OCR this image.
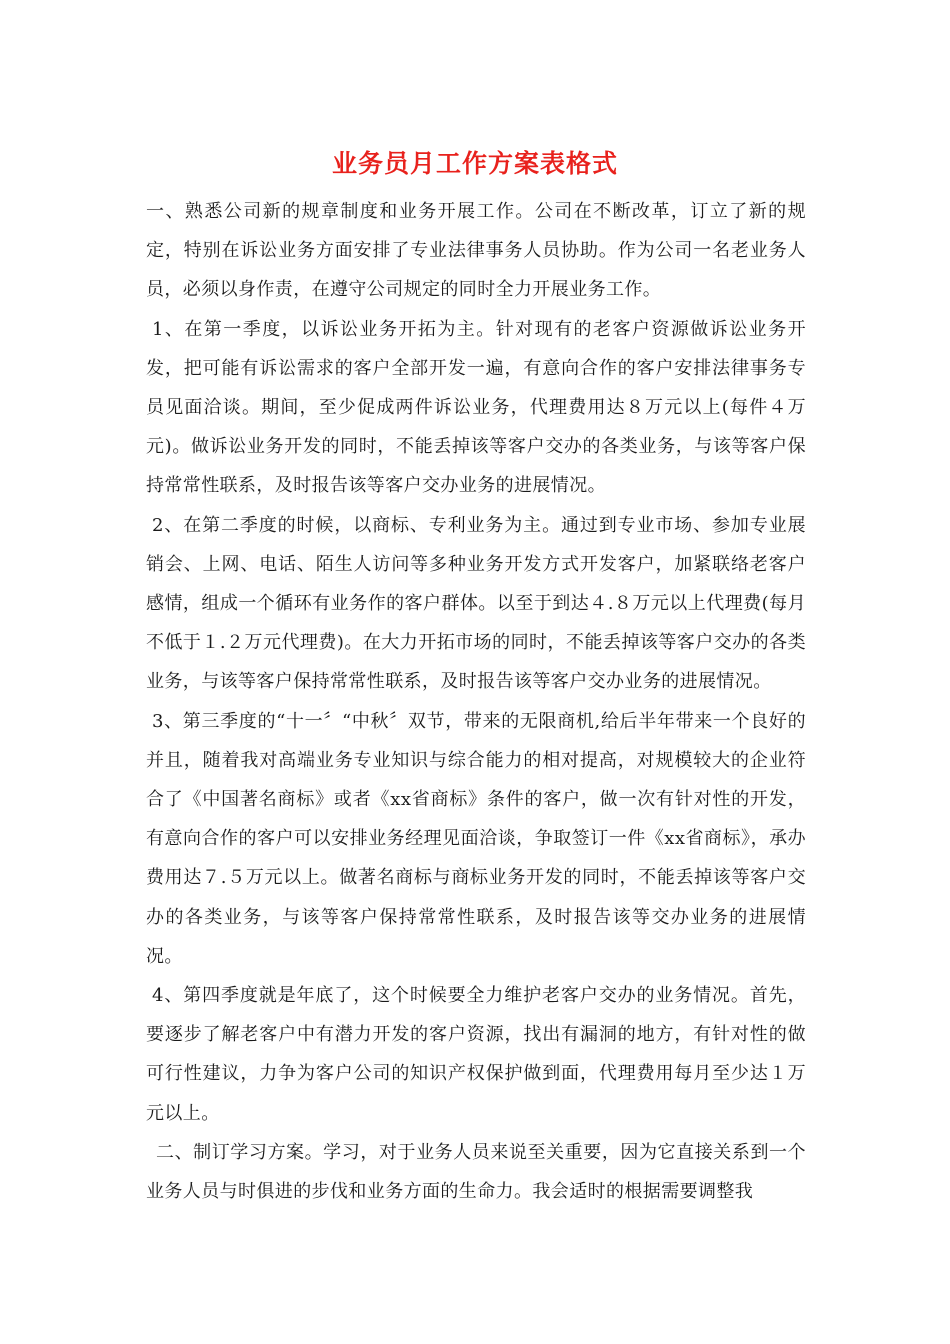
业务员月工作方案表格式

一、熟悉公司新的规章制度和业务开展工作。公司在不断改革，订立了新的规定，特别在诉讼业务方面安排了专业法律事务人员协助。作为公司一名老业务人员，必须以身作责，在遵守公司规定的同时全力开展业务工作。

1、在第一季度，以诉讼业务开拓为主。针对现有的老客户资源做诉讼业务开发，把可能有诉讼需求的客户全部开发一遍，有意向合作的客户安排法律事务专员见面洽谈。期间，至少促成两件诉讼业务，代理费用达８万元以上(每件４万元)。做诉讼业务开发的同时，不能丢掉该等客户交办的各类业务，与该等客户保持常常性联系，及时报告该等客户交办业务的进展情况。

2、在第二季度的时候，以商标、专利业务为主。通过到专业市场、参加专业展销会、上网、电话、陌生人访问等多种业务开发方式开发客户，加紧联络老客户感情，组成一个循环有业务作的客户群体。以至于到达４.８万元以上代理费(每月不低于１.２万元代理费)。在大力开拓市场的同时，不能丢掉该等客户交办的各类业务，与该等客户保持常常性联系，及时报告该等客户交办业务的进展情况。

3、第三季度的“十一〞“中秋〞双节，带来的无限商机,给后半年带来一个良好的并且，随着我对高端业务专业知识与综合能力的相对提高，对规模较大的企业符合了《中国著名商标》或者《xx省商标》条件的客户，做一次有针对性的开发，有意向合作的客户可以安排业务经理见面洽谈，争取签订一件《xx省商标》，承办费用达７.５万元以上。做著名商标与商标业务开发的同时，不能丢掉该等客户交办的各类业务，与该等客户保持常常性联系，及时报告该等交办业务的进展情况。

4、第四季度就是年底了，这个时候要全力维护老客户交办的业务情况。首先，要逐步了解老客户中有潜力开发的客户资源，找出有漏洞的地方，有针对性的做可行性建议，力争为客户公司的知识产权保护做到面，代理费用每月至少达１万元以上。

二、制订学习方案。学习，对于业务人员来说至关重要，因为它直接关系到一个业务人员与时俱进的步伐和业务方面的生命力。我会适时的根据需要调整我
